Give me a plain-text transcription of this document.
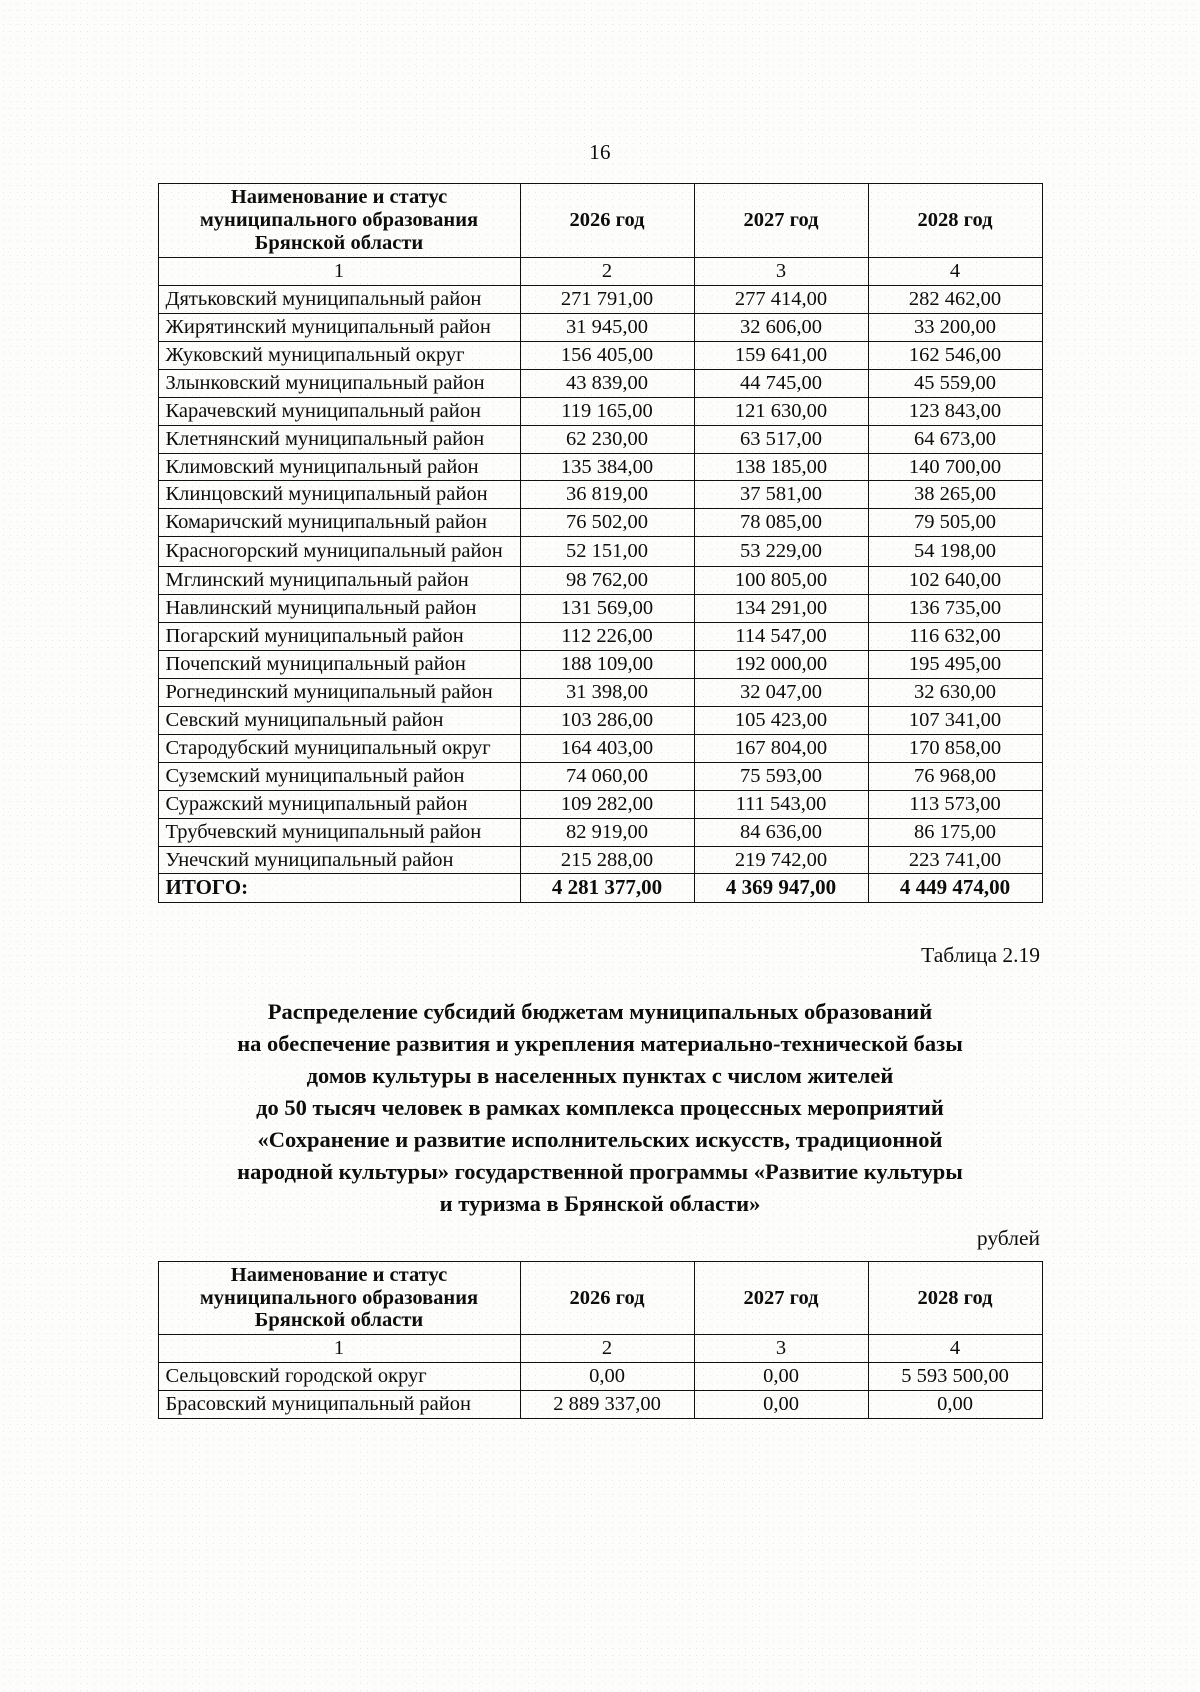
16
Наименование и статус муниципального образования Брянской области	2026 год	2027 год	2028 год
1	2	3	4
Дятьковский муниципальный район	271 791,00	277 414,00	282 462,00
Жирятинский муниципальный район	31 945,00	32 606,00	33 200,00
Жуковский муниципальный округ	156 405,00	159 641,00	162 546,00
Злынковский муниципальный район	43 839,00	44 745,00	45 559,00
Карачевский муниципальный район	119 165,00	121 630,00	123 843,00
Клетнянский муниципальный район	62 230,00	63 517,00	64 673,00
Климовский муниципальный район	135 384,00	138 185,00	140 700,00
Клинцовский муниципальный район	36 819,00	37 581,00	38 265,00
Комаричский муниципальный район	76 502,00	78 085,00	79 505,00
Красногорский муниципальный район	52 151,00	53 229,00	54 198,00
Мглинский муниципальный район	98 762,00	100 805,00	102 640,00
Навлинский муниципальный район	131 569,00	134 291,00	136 735,00
Погарский муниципальный район	112 226,00	114 547,00	116 632,00
Почепский муниципальный район	188 109,00	192 000,00	195 495,00
Рогнединский муниципальный район	31 398,00	32 047,00	32 630,00
Севский муниципальный район	103 286,00	105 423,00	107 341,00
Стародубский муниципальный округ	164 403,00	167 804,00	170 858,00
Суземский муниципальный район	74 060,00	75 593,00	76 968,00
Суражский муниципальный район	109 282,00	111 543,00	113 573,00
Трубчевский муниципальный район	82 919,00	84 636,00	86 175,00
Унечский муниципальный район	215 288,00	219 742,00	223 741,00
ИТОГО:	4 281 377,00	4 369 947,00	4 449 474,00
Таблица 2.19
Распределение субсидий бюджетам муниципальных образований
на обеспечение развития и укрепления материально-технической базы
домов культуры в населенных пунктах с числом жителей
до 50 тысяч человек в рамках комплекса процессных мероприятий
«Сохранение и развитие исполнительских искусств, традиционной
народной культуры» государственной программы «Развитие культуры
и туризма в Брянской области»
рублей
Наименование и статус муниципального образования Брянской области	2026 год	2027 год	2028 год
1	2	3	4
Сельцовский городской округ	0,00	0,00	5 593 500,00
Брасовский муниципальный район	2 889 337,00	0,00	0,00
